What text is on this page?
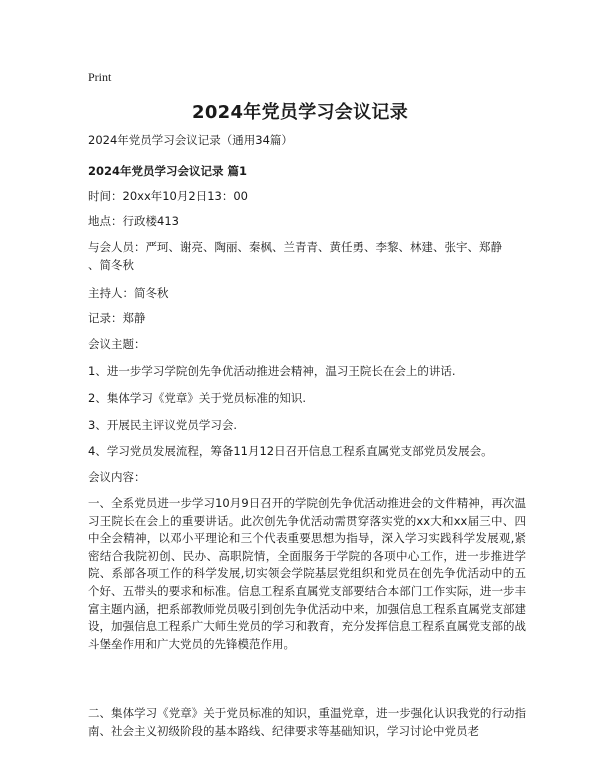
Print
2024年党员学习会议记录
2024年党员学习会议记录（通用34篇）
2024年党员学习会议记录 篇1
时间：20xx年10月2日13：00
地点：行政楼413
与会人员：严珂、谢亮、陶丽、秦枫、兰青青、黄任勇、李黎、林建、张宇、郑静
、简冬秋
主持人：简冬秋
记录：郑静
会议主题：
1、进一步学习学院创先争优活动推进会精神，温习王院长在会上的讲话.
2、集体学习《党章》关于党员标准的知识.
3、开展民主评议党员学习会.
4、学习党员发展流程，筹备11月12日召开信息工程系直属党支部党员发展会。
会议内容：
一、全系党员进一步学习10月9日召开的学院创先争优活动推进会的文件精神，再次温习王院长在会上的重要讲话。此次创先争优活动需贯穿落实党的xx大和xx届三中、四中全会精神，以邓小平理论和三个代表重要思想为指导，深入学习实践科学发展观,紧密结合我院初创、民办、高职院情，全面服务于学院的各项中心工作，进一步推进学院、系部各项工作的科学发展,切实领会学院基层党组织和党员在创先争优活动中的五个好、五带头的要求和标准。信息工程系直属党支部要结合本部门工作实际，进一步丰富主题内涵，把系部教师党员吸引到创先争优活动中来，加强信息工程系直属党支部建设，加强信息工程系广大师生党员的学习和教育，充分发挥信息工程系直属党支部的战斗堡垒作用和广大党员的先锋模范作用。
二、集体学习《党章》关于党员标准的知识，重温党章，进一步强化认识我党的行动指南、社会主义初级阶段的基本路线、纪律要求等基础知识，学习讨论中党员老
